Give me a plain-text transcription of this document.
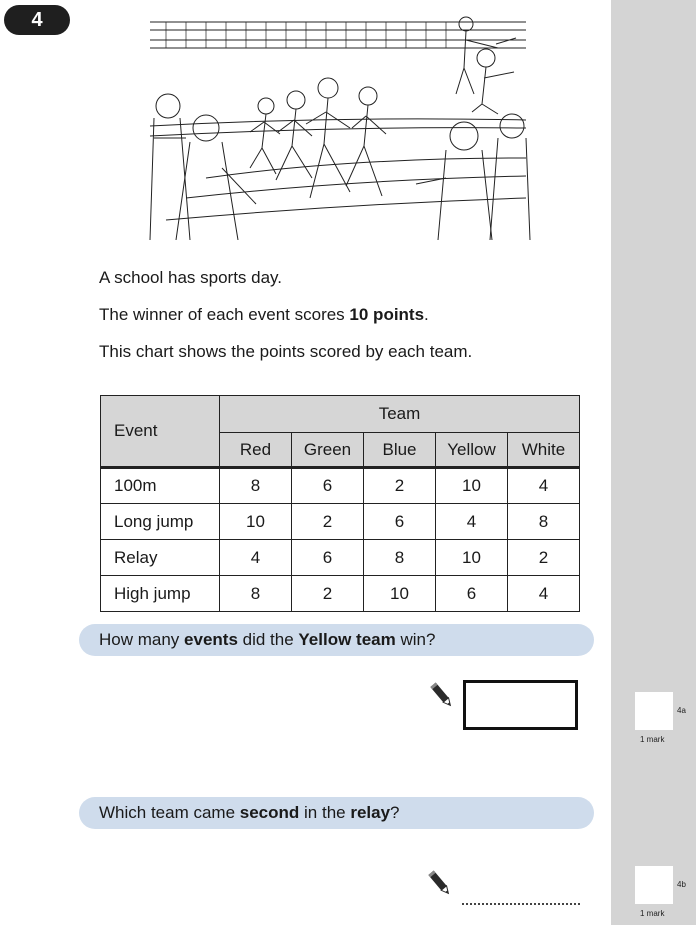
4
A school has sports day.
The winner of each event scores 10 points.
This chart shows the points scored by each team.
Event	Team				
	Red	Green	Blue	Yellow	White
100m	8	6	2	10	4
Long jump	10	2	6	4	8
Relay	4	6	8	10	2
High jump	8	2	10	6	4
How many events did the Yellow team win?
Which team came second in the relay?
4a
1 mark
4b
1 mark
